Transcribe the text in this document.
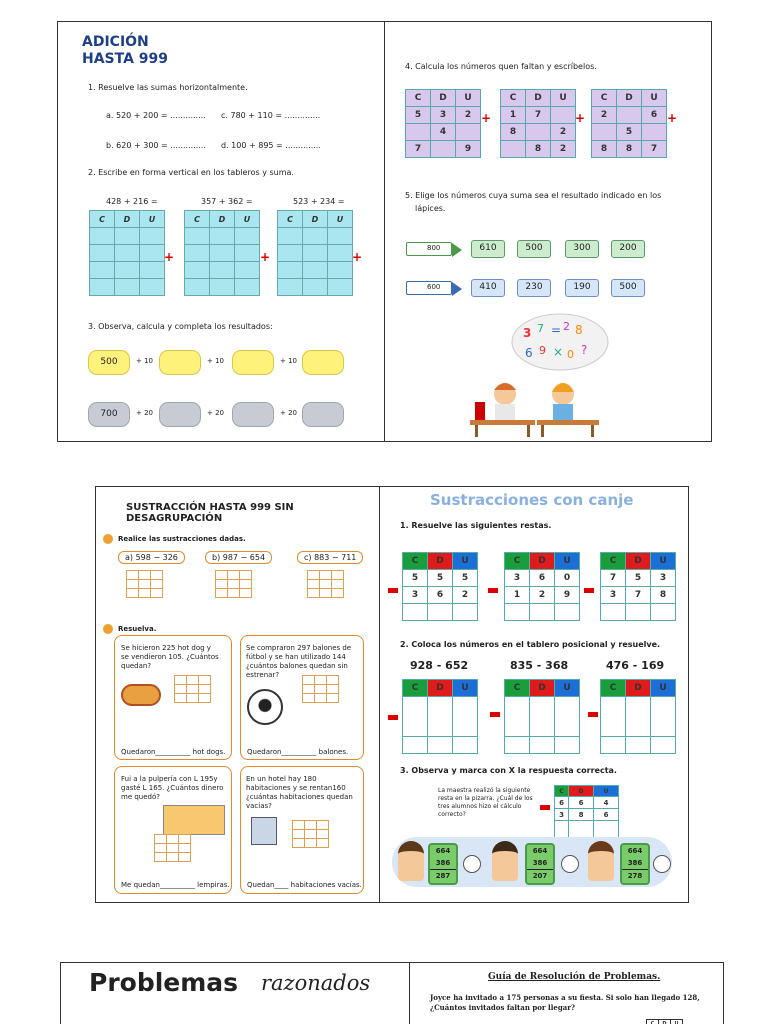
ADICIÓN
HASTA 999
1. Resuelve las sumas horizontalmente.
a. 520 + 200 = .............. c. 780 + 110 = ..............
b. 620 + 300 = .............. d. 100 + 895 = ..............
2. Escribe en forma vertical en los tableros y suma.
428 + 216 =	357 + 362 =	523 + 234 =
C	D	U

+
C	D	U

+
C	D	U

+
3. Observa, calcula y completa los resultados:
500	+ 10	+ 10	+ 10
700	+ 20	+ 20	+ 20
4. Calcula los números quen faltan y escríbelos.
C	D	U
5	3	2
	4	
7		9
+
C	D	U
1	7	
8		2
	8	2
+
C	D	U
2		6
	5	
8	8	7
+
5. Elige los números cuya suma sea el resultado indicado en los
lápices.
800	610	500	300	200
600	410	230	190	500
3 7 = 2 8
6 9 × 0 ?
SUSTRACCIÓN HASTA 999 SIN DESAGRUPACIÓN
Realice las sustracciones dadas.
a) 598 − 326	b) 987 − 654	c) 883 − 711

Resuelva.
Se hicieron 225 hot dog y se vendieron 105. ¿Cuántos quedan?
Quedaron__________ hot dogs.
Se compraron 297 balones de fútbol y se han utilizado 144 ¿cuántos balones quedan sin estrenar?
Quedaron__________ balones.
Fui a la pulpería con L 195y gasté L 165. ¿Cuántos dinero me quedó?
Me quedan__________ lempiras.
En un hotel hay 180 habitaciones y se rentan160 ¿cuántas habitaciones quedan vacías?
Quedan____ habitaciones vacías.

Sustracciones con canje
1. Resuelve las siguientes restas.
C	D	U
5	5	5
3	6	2

C	D	U
3	6	0
1	2	9

C	D	U
7	5	3
3	7	8

2. Coloca los números en el tablero posicional y resuelve.
928 - 652	835 - 368	476 - 169
C	D	U

			C	D	U

			C	D	U

3. Observa y marca con X la respuesta correcta.
La maestra realizó la siguiente resta en la pizarra. ¿Cuál de los tres alumnos hizo el cálculo correcto?
C	D	U
6	6	4
3	8	6

664
386
287
664
386
207
664
386
278
Problemas razonados	Guía de Resolución de Problemas.
Joyce ha invitado a 175 personas a su fiesta. Si solo han llegado 128,
¿Cuántos invitados faltan por llegar?
C	D	U
